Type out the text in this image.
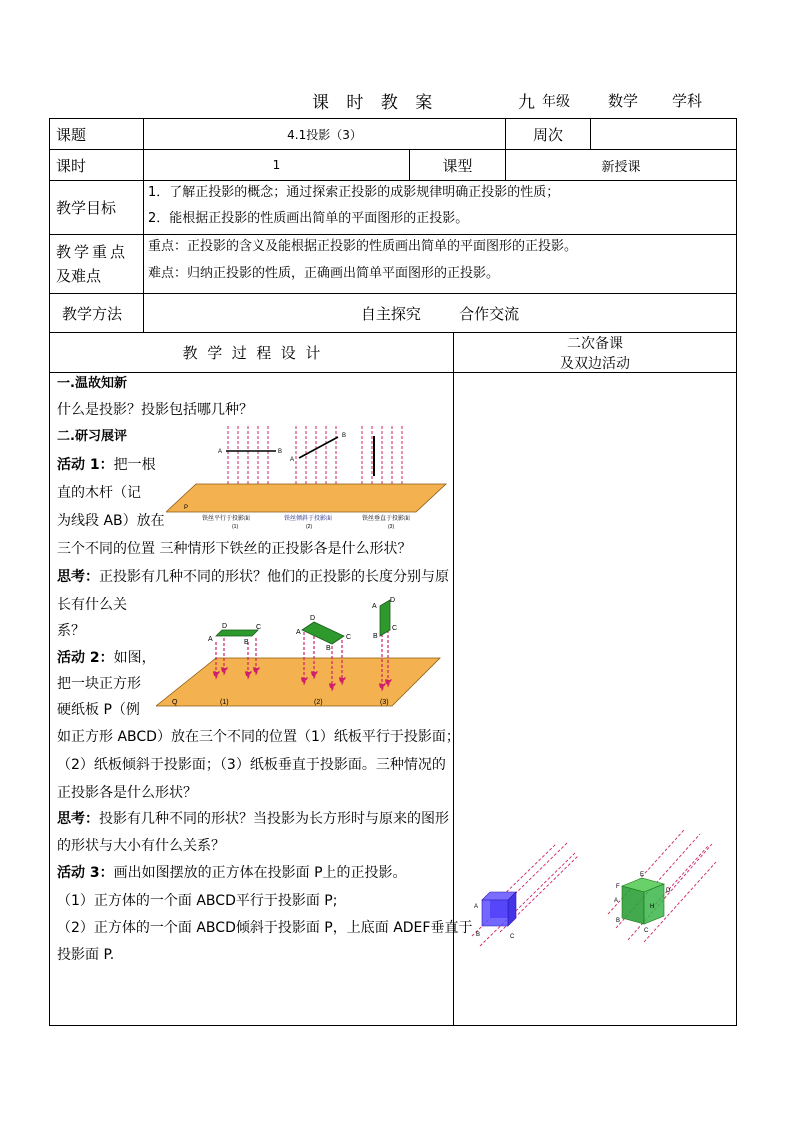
课 时 教 案	九 年级	数学 学科
课题	4.1投影（3）	周次
课时	1	课型	新授课
教学目标
1．了解正投影的概念；通过探索正投影的成影规律明确正投影的性质；
2．能根据正投影的性质画出简单的平面图形的正投影。
教学重点
及难点
重点：正投影的含义及能根据正投影的性质画出简单的平面图形的正投影。
难点：归纳正投影的性质，正确画出简单平面图形的正投影。
教学方法	自主探究        合作交流
教  学  过  程  设  计	二次备课
及双边活动
一.温故知新
什么是投影？投影包括哪几种？
二.研习展评
活动 1：把一根
直的木杆（记
为线段 AB）放在
三个不同的位置 三种情形下铁丝的正投影各是什么形状？
思考：正投影有几种不同的形状？他们的正投影的长度分别与原
长有什么关
系？
活动 2：如图，
把一块正方形
硬纸板 P（例
如正方形 ABCD）放在三个不同的位置（1）纸板平行于投影面；
（2）纸板倾斜于投影面；（3）纸板垂直于投影面。三种情况的
正投影各是什么形状？
思考：投影有几种不同的形状？当投影为长方形时与原来的图形
的形状与大小有什么关系？
活动 3：画出如图摆放的正方体在投影面 P上的正投影。
（1）正方体的一个面 ABCD平行于投影面 P;
（2）正方体的一个面 ABCD倾斜于投影面 P，上底面 ADEF垂直于
投影面 P.
A	B
A
B
P
铁丝平行于投影面	铁丝倾斜于投影面	铁丝垂直于投影面
(1)	(2)	(3)
A	B
C
D
A
B
C
D
A
B
C
D
Q	(1)	(2)	(3)
A
B	C
F
E
A
D
H
B
C
